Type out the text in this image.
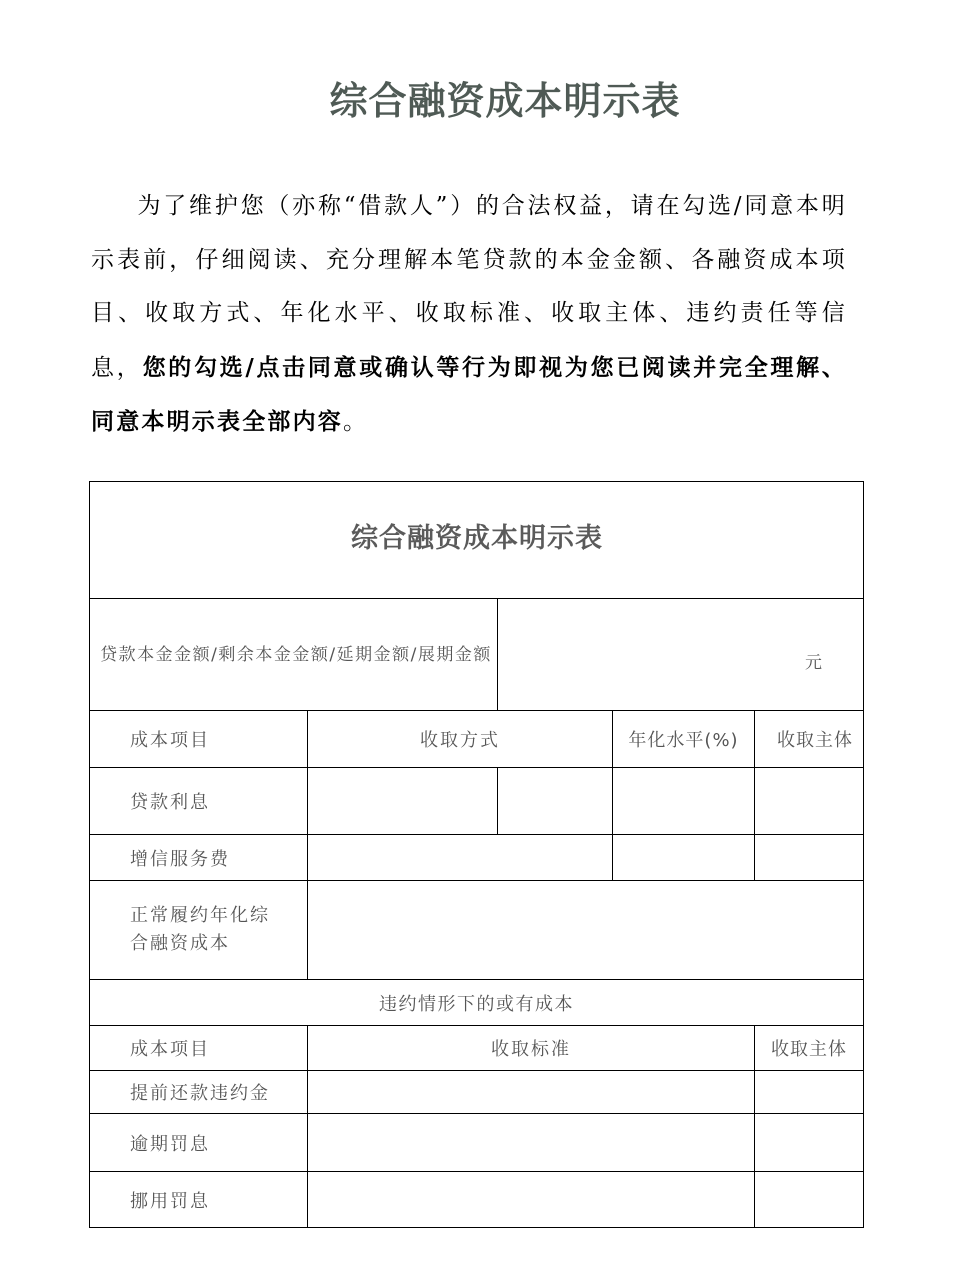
综合融资成本明示表
为了维护您（亦称“借款人”）的合法权益，请在勾选/同意本明示表前，仔细阅读、充分理解本笔贷款的本金金额、各融资成本项目、收取方式、年化水平、收取标准、收取主体、违约责任等信息，您的勾选/点击同意或确认等行为即视为您已阅读并完全理解、同意本明示表全部内容。
综合融资成本明示表
贷款本金金额/剩余本金金额/延期金额/展期金额	元
成本项目	收取方式	年化水平(%)	收取主体
贷款利息
增信服务费
正常履约年化综合融资成本
违约情形下的或有成本
成本项目	收取标准	收取主体
提前还款违约金
逾期罚息
挪用罚息
